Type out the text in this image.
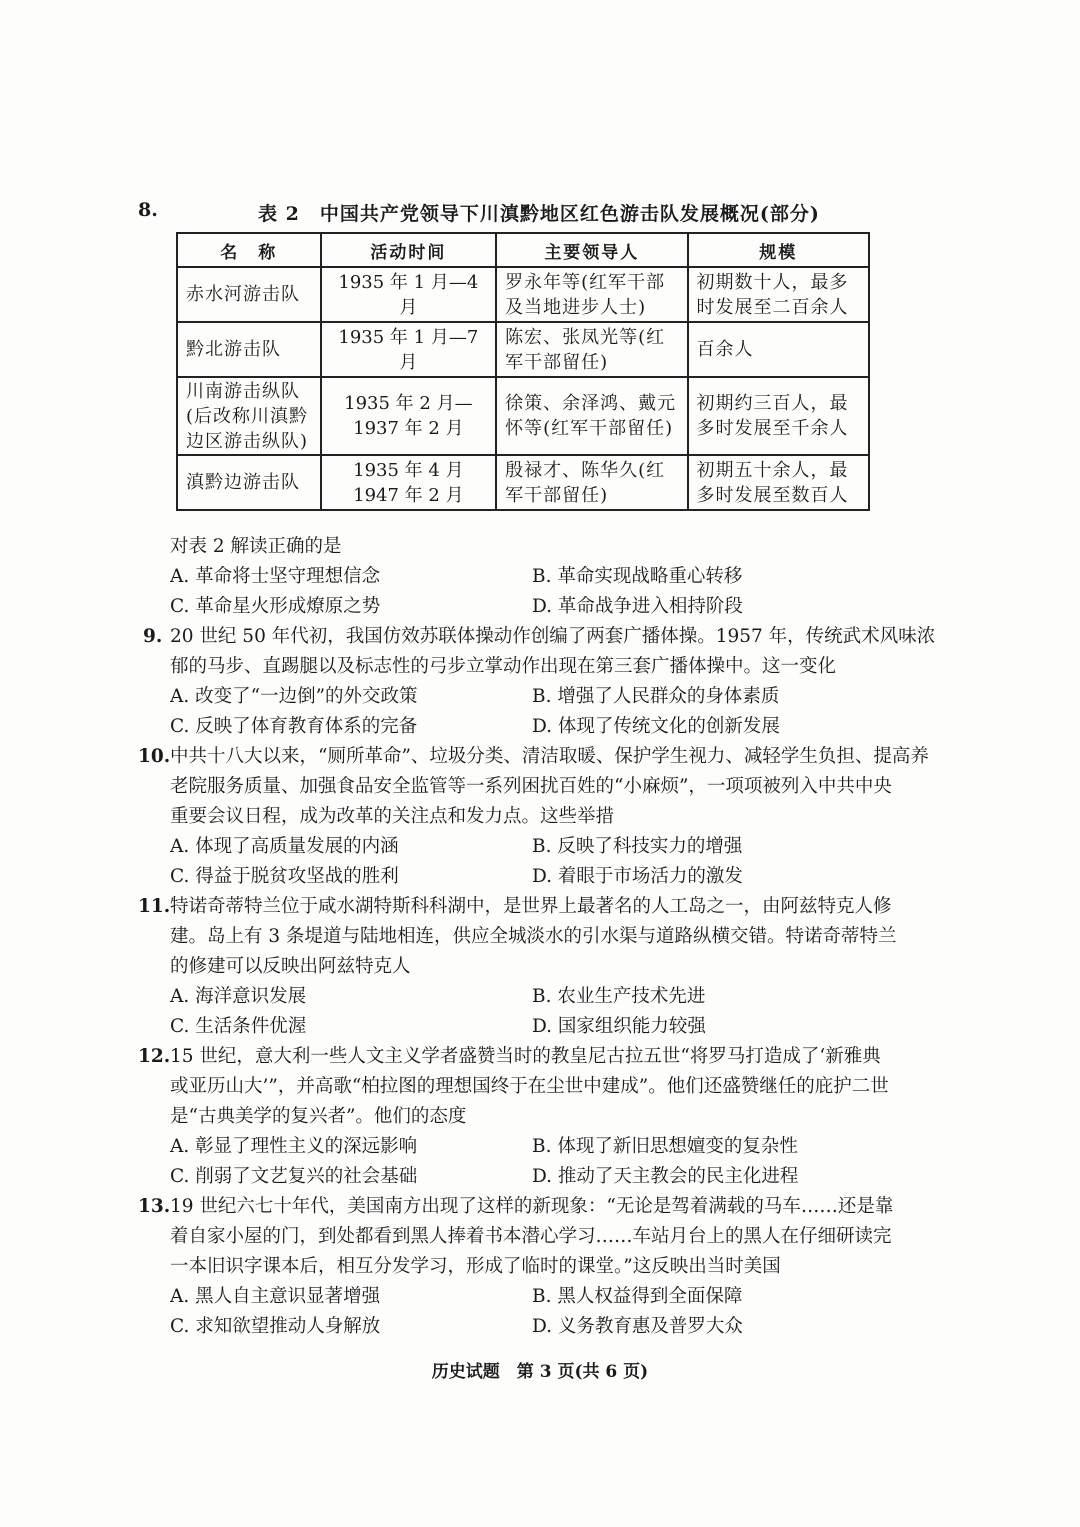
8.	表 2　中国共产党领导下川滇黔地区红色游击队发展概况(部分)
名　称	活动时间	主要领导人	规模
赤水河游击队	1935 年 1 月—4 月	罗永年等(红军干部及当地进步人士)	初期数十人，最多时发展至二百余人
黔北游击队	1935 年 1 月—7 月	陈宏、张凤光等(红军干部留任)	百余人
川南游击纵队(后改称川滇黔边区游击纵队)	1935 年 2 月—1937 年 2 月	徐策、余泽鸿、戴元怀等(红军干部留任)	初期约三百人，最多时发展至千余人
滇黔边游击队	1935 年 4 月 1947 年 2 月	殷禄才、陈华久(红军干部留任)	初期五十余人，最多时发展至数百人
对表 2 解读正确的是
A. 革命将士坚守理想信念	B. 革命实现战略重心转移
C. 革命星火形成燎原之势	D. 革命战争进入相持阶段
9. 20 世纪 50 年代初，我国仿效苏联体操动作创编了两套广播体操。1957 年，传统武术风味浓
郁的马步、直踢腿以及标志性的弓步立掌动作出现在第三套广播体操中。这一变化
A. 改变了“一边倒”的外交政策	B. 增强了人民群众的身体素质
C. 反映了体育教育体系的完备	D. 体现了传统文化的创新发展
10. 中共十八大以来，“厕所革命”、垃圾分类、清洁取暖、保护学生视力、减轻学生负担、提高养
老院服务质量、加强食品安全监管等一系列困扰百姓的“小麻烦”，一项项被列入中共中央
重要会议日程，成为改革的关注点和发力点。这些举措
A. 体现了高质量发展的内涵	B. 反映了科技实力的增强
C. 得益于脱贫攻坚战的胜利	D. 着眼于市场活力的激发
11. 特诺奇蒂特兰位于咸水湖特斯科科湖中，是世界上最著名的人工岛之一，由阿兹特克人修
建。岛上有 3 条堤道与陆地相连，供应全城淡水的引水渠与道路纵横交错。特诺奇蒂特兰
的修建可以反映出阿兹特克人
A. 海洋意识发展	B. 农业生产技术先进
C. 生活条件优渥	D. 国家组织能力较强
12. 15 世纪，意大利一些人文主义学者盛赞当时的教皇尼古拉五世“将罗马打造成了‘新雅典
或亚历山大’”，并高歌“柏拉图的理想国终于在尘世中建成”。他们还盛赞继任的庇护二世
是“古典美学的复兴者”。他们的态度
A. 彰显了理性主义的深远影响	B. 体现了新旧思想嬗变的复杂性
C. 削弱了文艺复兴的社会基础	D. 推动了天主教会的民主化进程
13. 19 世纪六七十年代，美国南方出现了这样的新现象：“无论是驾着满载的马车……还是靠
着自家小屋的门，到处都看到黑人捧着书本潜心学习……车站月台上的黑人在仔细研读完
一本旧识字课本后，相互分发学习，形成了临时的课堂。”这反映出当时美国
A. 黑人自主意识显著增强	B. 黑人权益得到全面保障
C. 求知欲望推动人身解放	D. 义务教育惠及普罗大众
历史试题　第 3 页(共 6 页)
